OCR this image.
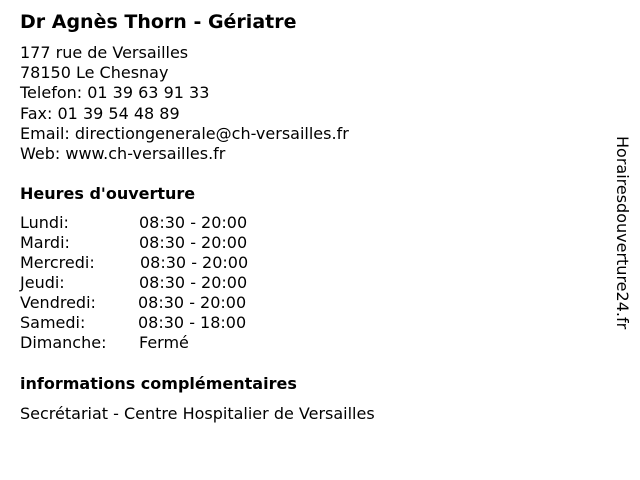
Dr Agnès Thorn - Gériatre
177 rue de Versailles
78150 Le Chesnay
Telefon: 01 39 63 91 33
Fax: 01 39 54 48 89
Email: directiongenerale@ch-versailles.fr
Web: www.ch-versailles.fr
Heures d'ouverture
Lundi:	08:30 - 20:00
Mardi:	08:30 - 20:00
Mercredi:	08:30 - 20:00
Jeudi:	08:30 - 20:00
Vendredi:	08:30 - 20:00
Samedi:	08:30 - 18:00
Dimanche: Fermé
informations complémentaires
Secrétariat - Centre Hospitalier de Versailles
Horairesdouverture24.fr
